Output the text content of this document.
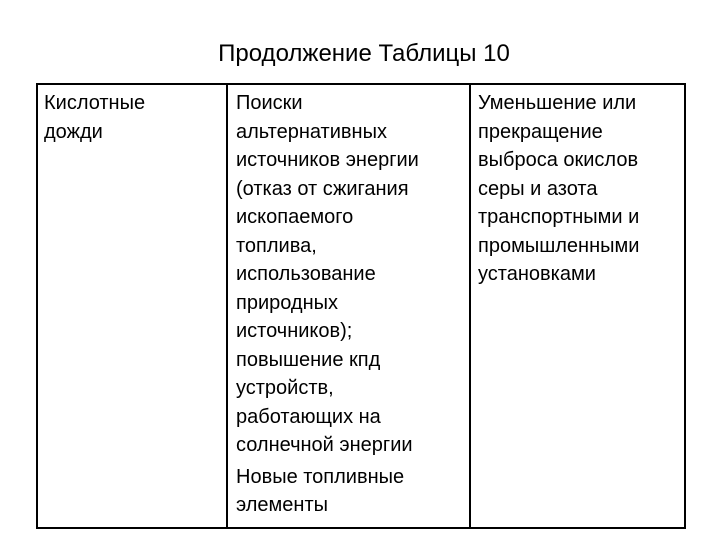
Продолжение Таблицы 10
Кислотные
дожди
Поиски
альтернативных
источников энергии
(отказ от сжигания
ископаемого
топлива,
использование
природных
источников);
повышение кпд
устройств,
работающих на
солнечной энергии
Новые топливные
элементы
Уменьшение или
прекращение
выброса окислов
серы и азота
транспортными и
промышленными
установками
